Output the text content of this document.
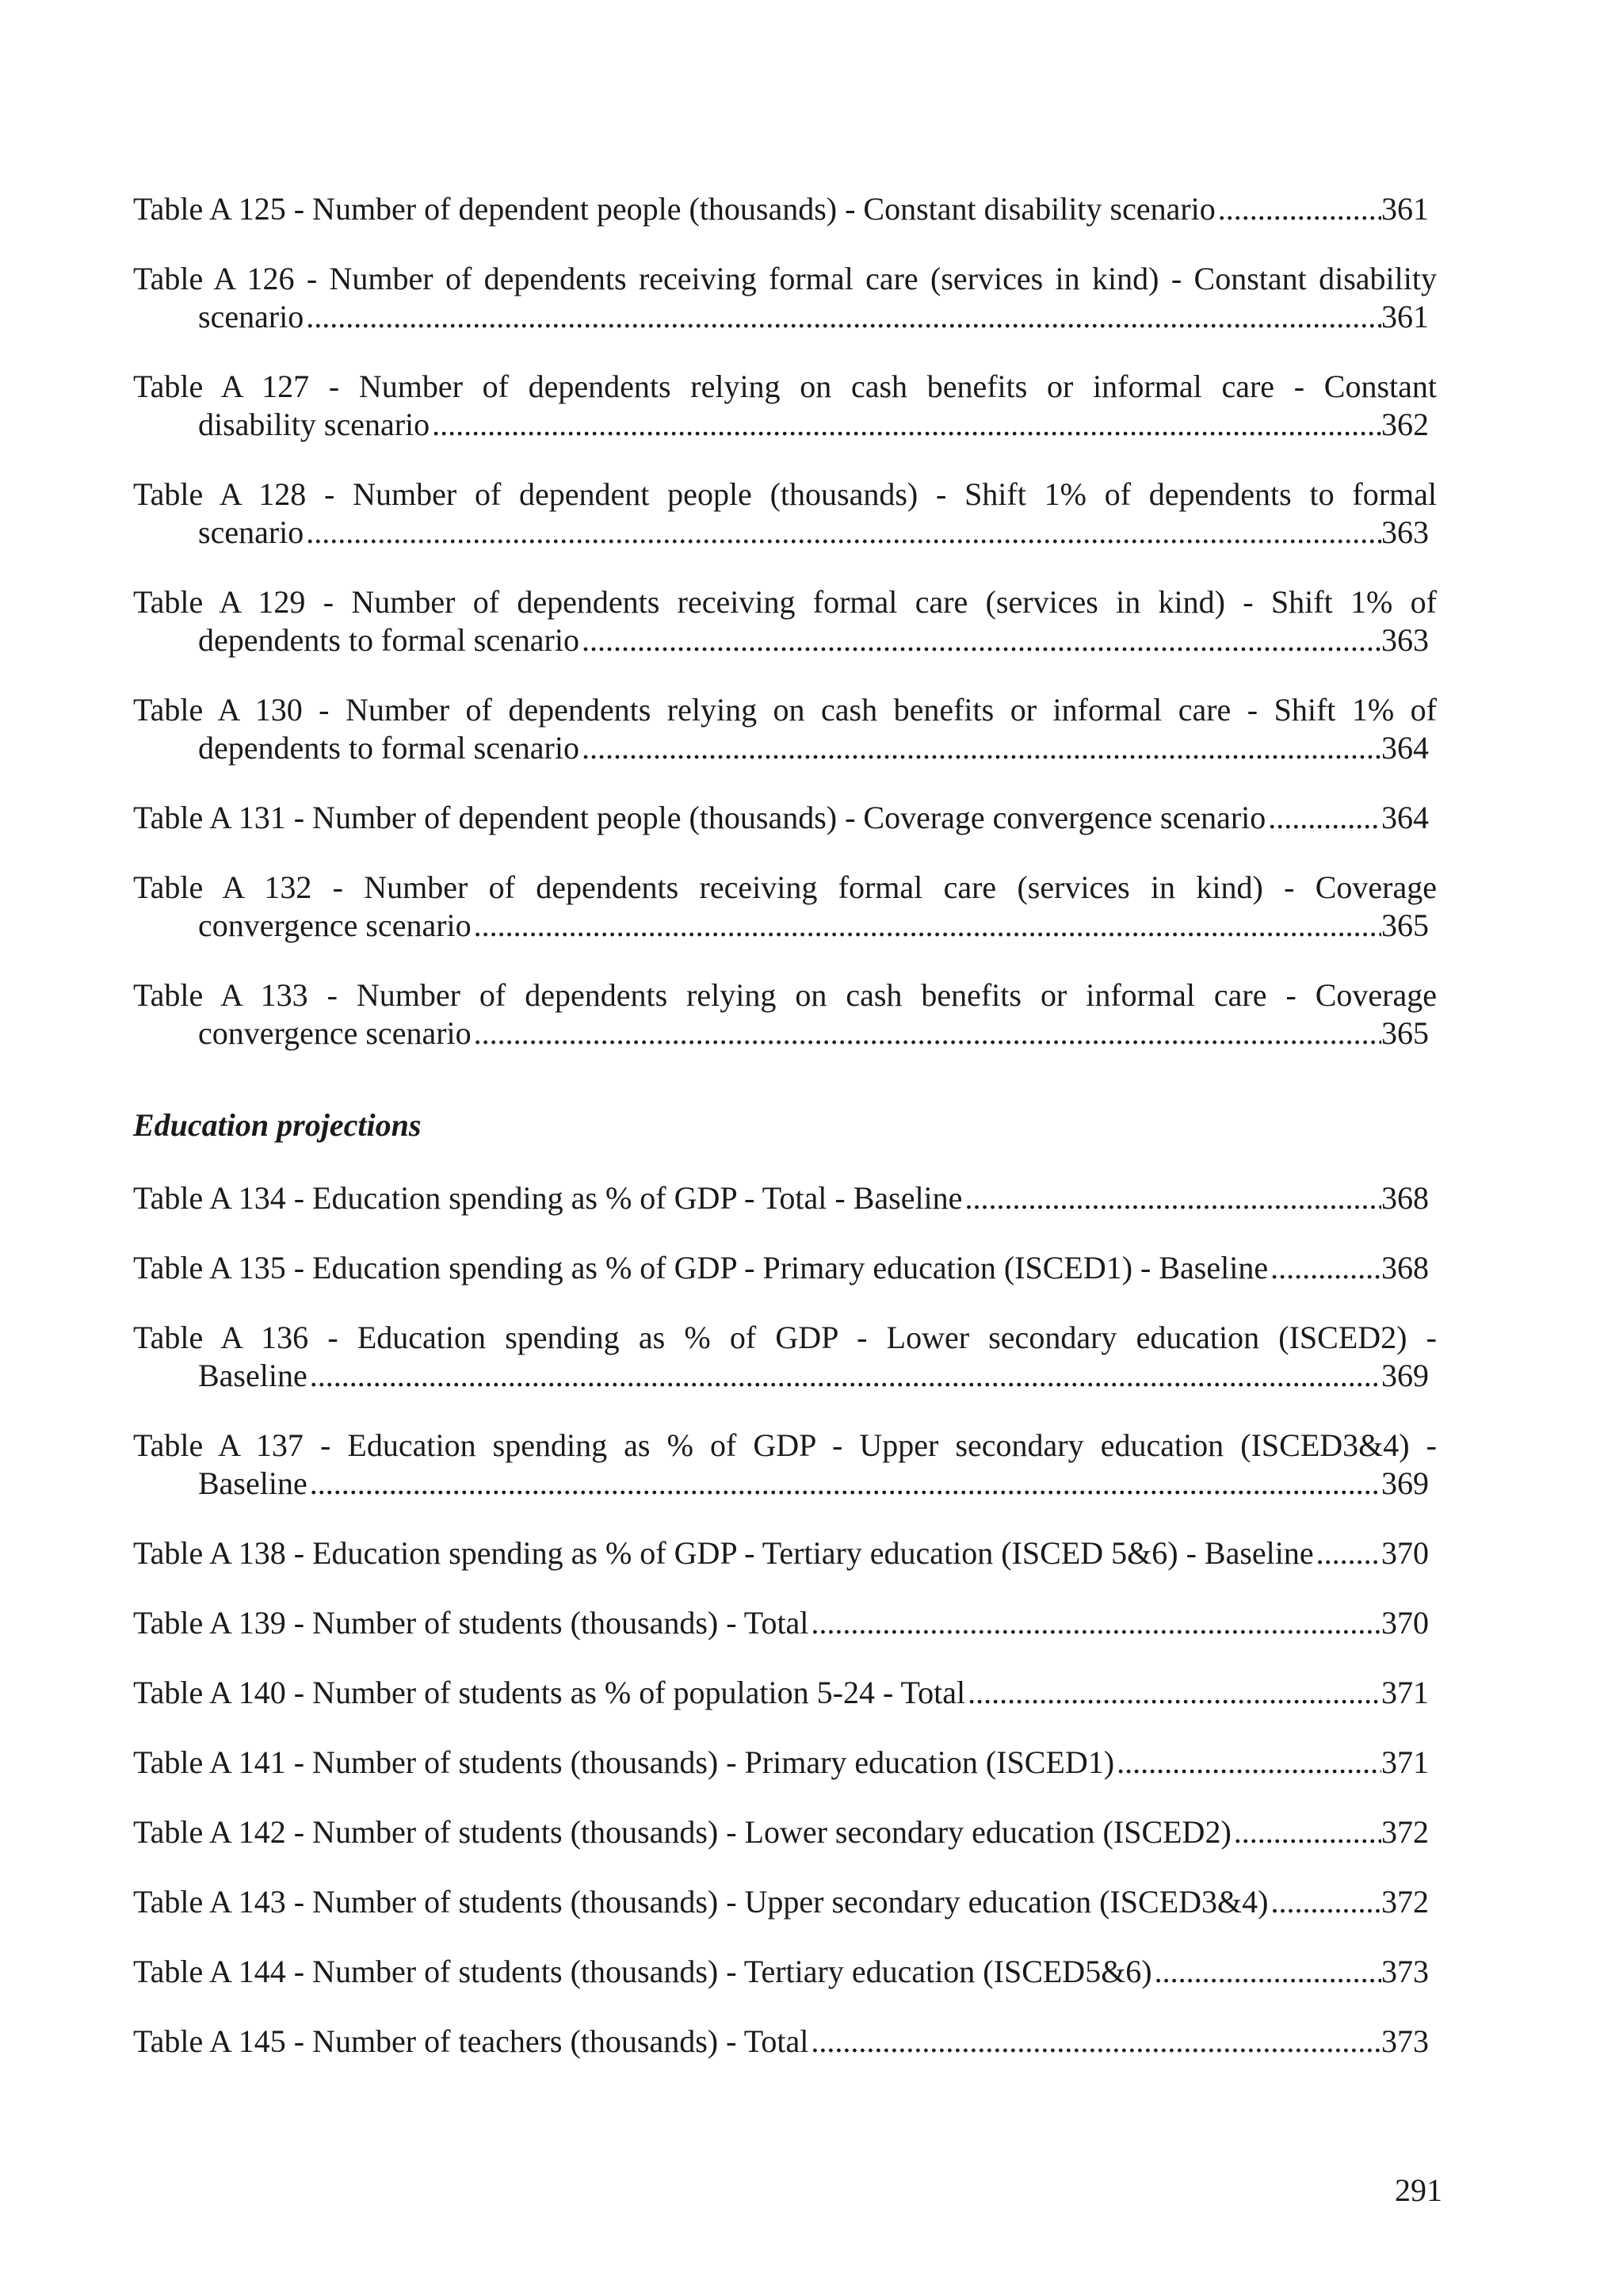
Table A 125 - Number of dependent people (thousands) - Constant disability scenario .....	361
Table A 126 - Number of dependents receiving formal care (services in kind) - Constant disability
scenario .....	361
Table A 127 - Number of dependents relying on cash benefits or informal care - Constant
disability scenario .....	362
Table A 128 - Number of dependent people (thousands) - Shift 1% of dependents to formal
scenario .....	363
Table A 129 - Number of dependents receiving formal care (services in kind) - Shift 1% of
dependents to formal scenario .....	363
Table A 130 - Number of dependents relying on cash benefits or informal care - Shift 1% of
dependents to formal scenario .....	364
Table A 131 - Number of dependent people (thousands) - Coverage convergence scenario .....	364
Table A 132 - Number of dependents receiving formal care (services in kind) - Coverage
convergence scenario .....	365
Table A 133 - Number of dependents relying on cash benefits or informal care - Coverage
convergence scenario .....	365
Education projections
Table A 134 - Education spending as % of GDP - Total - Baseline .....	368
Table A 135 - Education spending as % of GDP - Primary education (ISCED1) - Baseline .....	368
Table A 136 - Education spending as % of GDP - Lower secondary education (ISCED2) -
Baseline .....	369
Table A 137 - Education spending as % of GDP - Upper secondary education (ISCED3&4) -
Baseline .....	369
Table A 138 - Education spending as % of GDP - Tertiary education (ISCED 5&6) - Baseline ..... 370
Table A 139 - Number of students (thousands) - Total .....	370
Table A 140 - Number of students as % of population 5-24 - Total .....	371
Table A 141 - Number of students (thousands) - Primary education (ISCED1) .....	371
Table A 142 - Number of students (thousands) - Lower secondary education (ISCED2) .....	372
Table A 143 - Number of students (thousands) - Upper secondary education (ISCED3&4) .....	372
Table A 144 - Number of students (thousands) - Tertiary education (ISCED5&6) .....	373
Table A 145 - Number of teachers (thousands) - Total .....	373
291
